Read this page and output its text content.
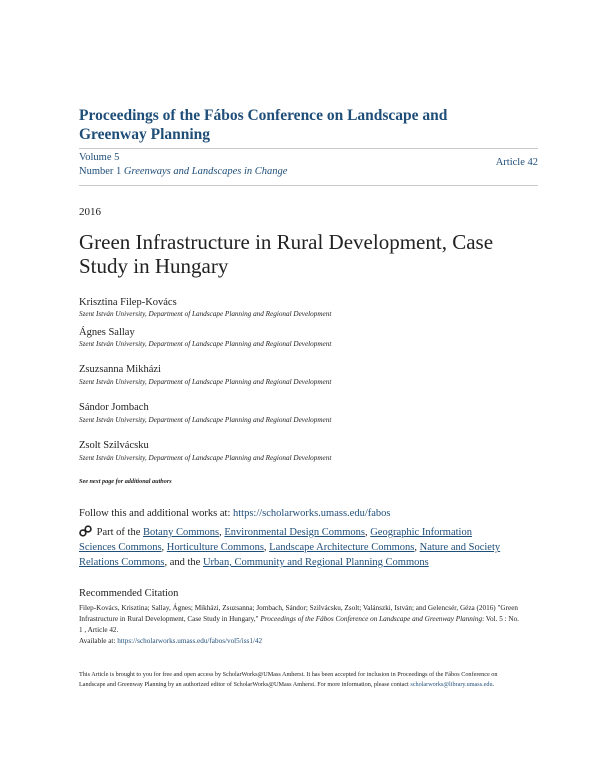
Proceedings of the Fábos Conference on Landscape and Greenway Planning
Volume 5
Number 1 Greenways and Landscapes in Change
Article 42
2016
Green Infrastructure in Rural Development, Case Study in Hungary
Krisztina Filep-Kovács
Szent István University, Department of Landscape Planning and Regional Development
Ágnes Sallay
Szent István University, Department of Landscape Planning and Regional Development
Zsuzsanna Mikházi
Szent István University, Department of Landscape Planning and Regional Development
Sándor Jombach
Szent István University, Department of Landscape Planning and Regional Development
Zsolt Szilvácsku
Szent István University, Department of Landscape Planning and Regional Development
See next page for additional authors
Follow this and additional works at: https://scholarworks.umass.edu/fabos
Part of the Botany Commons, Environmental Design Commons, Geographic Information Sciences Commons, Horticulture Commons, Landscape Architecture Commons, Nature and Society Relations Commons, and the Urban, Community and Regional Planning Commons
Recommended Citation
Filep-Kovács, Krisztina; Sallay, Ágnes; Mikházi, Zsuzsanna; Jombach, Sándor; Szilvácsku, Zsolt; Valánszki, István; and Gelencsér, Géza (2016) "Green Infrastructure in Rural Development, Case Study in Hungary," Proceedings of the Fábos Conference on Landscape and Greenway Planning: Vol. 5 : No. 1 , Article 42.
Available at: https://scholarworks.umass.edu/fabos/vol5/iss1/42
This Article is brought to you for free and open access by ScholarWorks@UMass Amherst. It has been accepted for inclusion in Proceedings of the Fábos Conference on Landscape and Greenway Planning by an authorized editor of ScholarWorks@UMass Amherst. For more information, please contact scholarworks@library.umass.edu.
